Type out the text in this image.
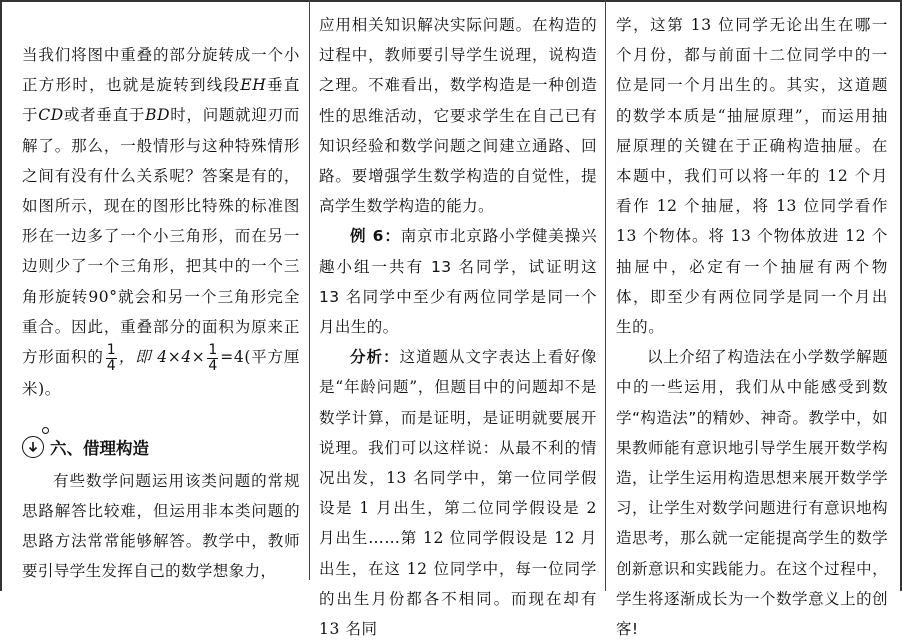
当我们将图中重叠的部分旋转成一个小正方形时，也就是旋转到线段EH垂直于CD或者垂直于BD时，问题就迎刃而解了。那么，一般情形与这种特殊情形之间有没有什么关系呢？答案是有的，如图所示，现在的图形比特殊的标准图形在一边多了一个小三角形，而在另一边则少了一个三角形，把其中的一个三角形旋转90°就会和另一个三角形完全重合。因此，重叠部分的面积为原来正方形面积的 $\frac{1}{4}$ ，即 $4\times 4\times \frac{1}{4} =4$(平方厘米)。

六、借理构造

有些数学问题运用该类问题的常规思路解答比较难，但运用非本类问题的思路方法常常能够解答。教学中，教师要引导学生发挥自己的数学想象力，

应用相关知识解决实际问题。在构造的过程中，教师要引导学生说理，说构造之理。不难看出，数学构造是一种创造性的思维活动，它要求学生在自己已有知识经验和数学问题之间建立通路、回路。要增强学生数学构造的自觉性，提高学生数学构造的能力。

例 6：南京市北京路小学健美操兴趣小组一共有 13 名同学，试证明这 13 名同学中至少有两位同学是同一个月出生的。

分析：这道题从文字表达上看好像是“年龄问题”，但题目中的问题却不是数学计算，而是证明，是证明就要展开说理。我们可以这样说：从最不利的情况出发，13 名同学中，第一位同学假设是 1 月出生，第二位同学假设是 2 月出生……第 12 位同学假设是 12 月出生，在这 12 位同学中，每一位同学的出生月份都各不相同。而现在却有 13 名同

学，这第 13 位同学无论出生在哪一个月份，都与前面十二位同学中的一位是同一个月出生的。其实，这道题的数学本质是“抽屉原理”，而运用抽屉原理的关键在于正确构造抽屉。在本题中，我们可以将一年的 12 个月看作 12 个抽屉，将 13 位同学看作 13 个物体。将 13 个物体放进 12 个抽屉中，必定有一个抽屉有两个物体，即至少有两位同学是同一个月出生的。

以上介绍了构造法在小学数学解题中的一些运用，我们从中能感受到数学“构造法”的精妙、神奇。教学中，如果教师能有意识地引导学生展开数学构造，让学生运用构造思想来展开数学学习，让学生对数学问题进行有意识地构造思考，那么就一定能提高学生的数学创新意识和实践能力。在这个过程中，学生将逐渐成长为一个数学意义上的创客!
